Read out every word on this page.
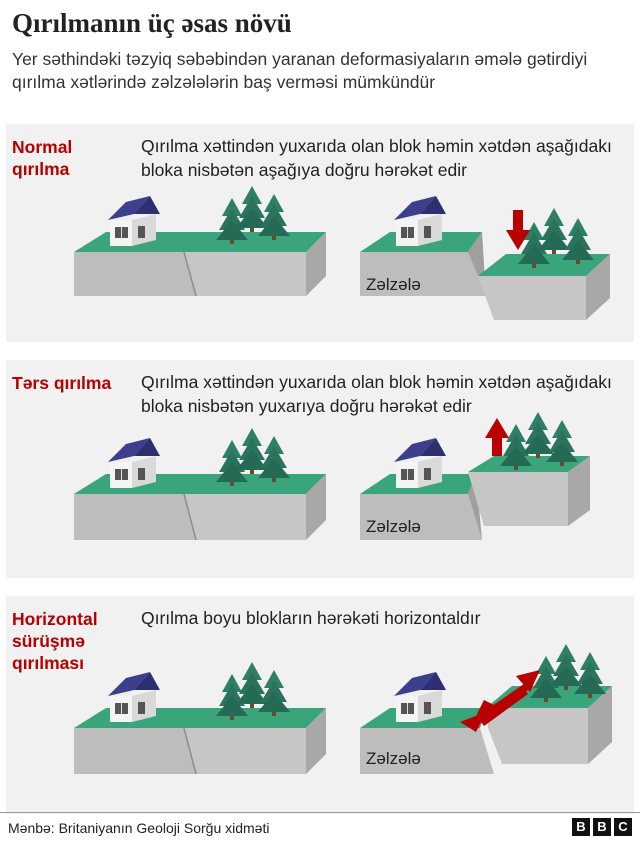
Qırılmanın üç əsas növü

Yer səthindəki təzyiq səbəbindən yaranan deformasiyaların əmələ gətirdiyi qırılma xətlərində zəlzələlərin baş verməsi mümkündür

Normal qırılma
Qırılma xəttindən yuxarıda olan blok həmin xətdən aşağıdakı bloka nisbətən aşağıya doğru hərəkət edir
Zəlzələ
Tərs qırılma	Qırılma xəttindən yuxarıda olan blok həmin xətdən aşağıdakı bloka nisbətən yuxarıya doğru hərəkət edir
Zəlzələ
Horizontal sürüşmə qırılması
Qırılma boyu blokların hərəkəti horizontaldır
Zəlzələ
Mənbə: Britaniyanın Geoloji Sorğu xidməti	B B C
